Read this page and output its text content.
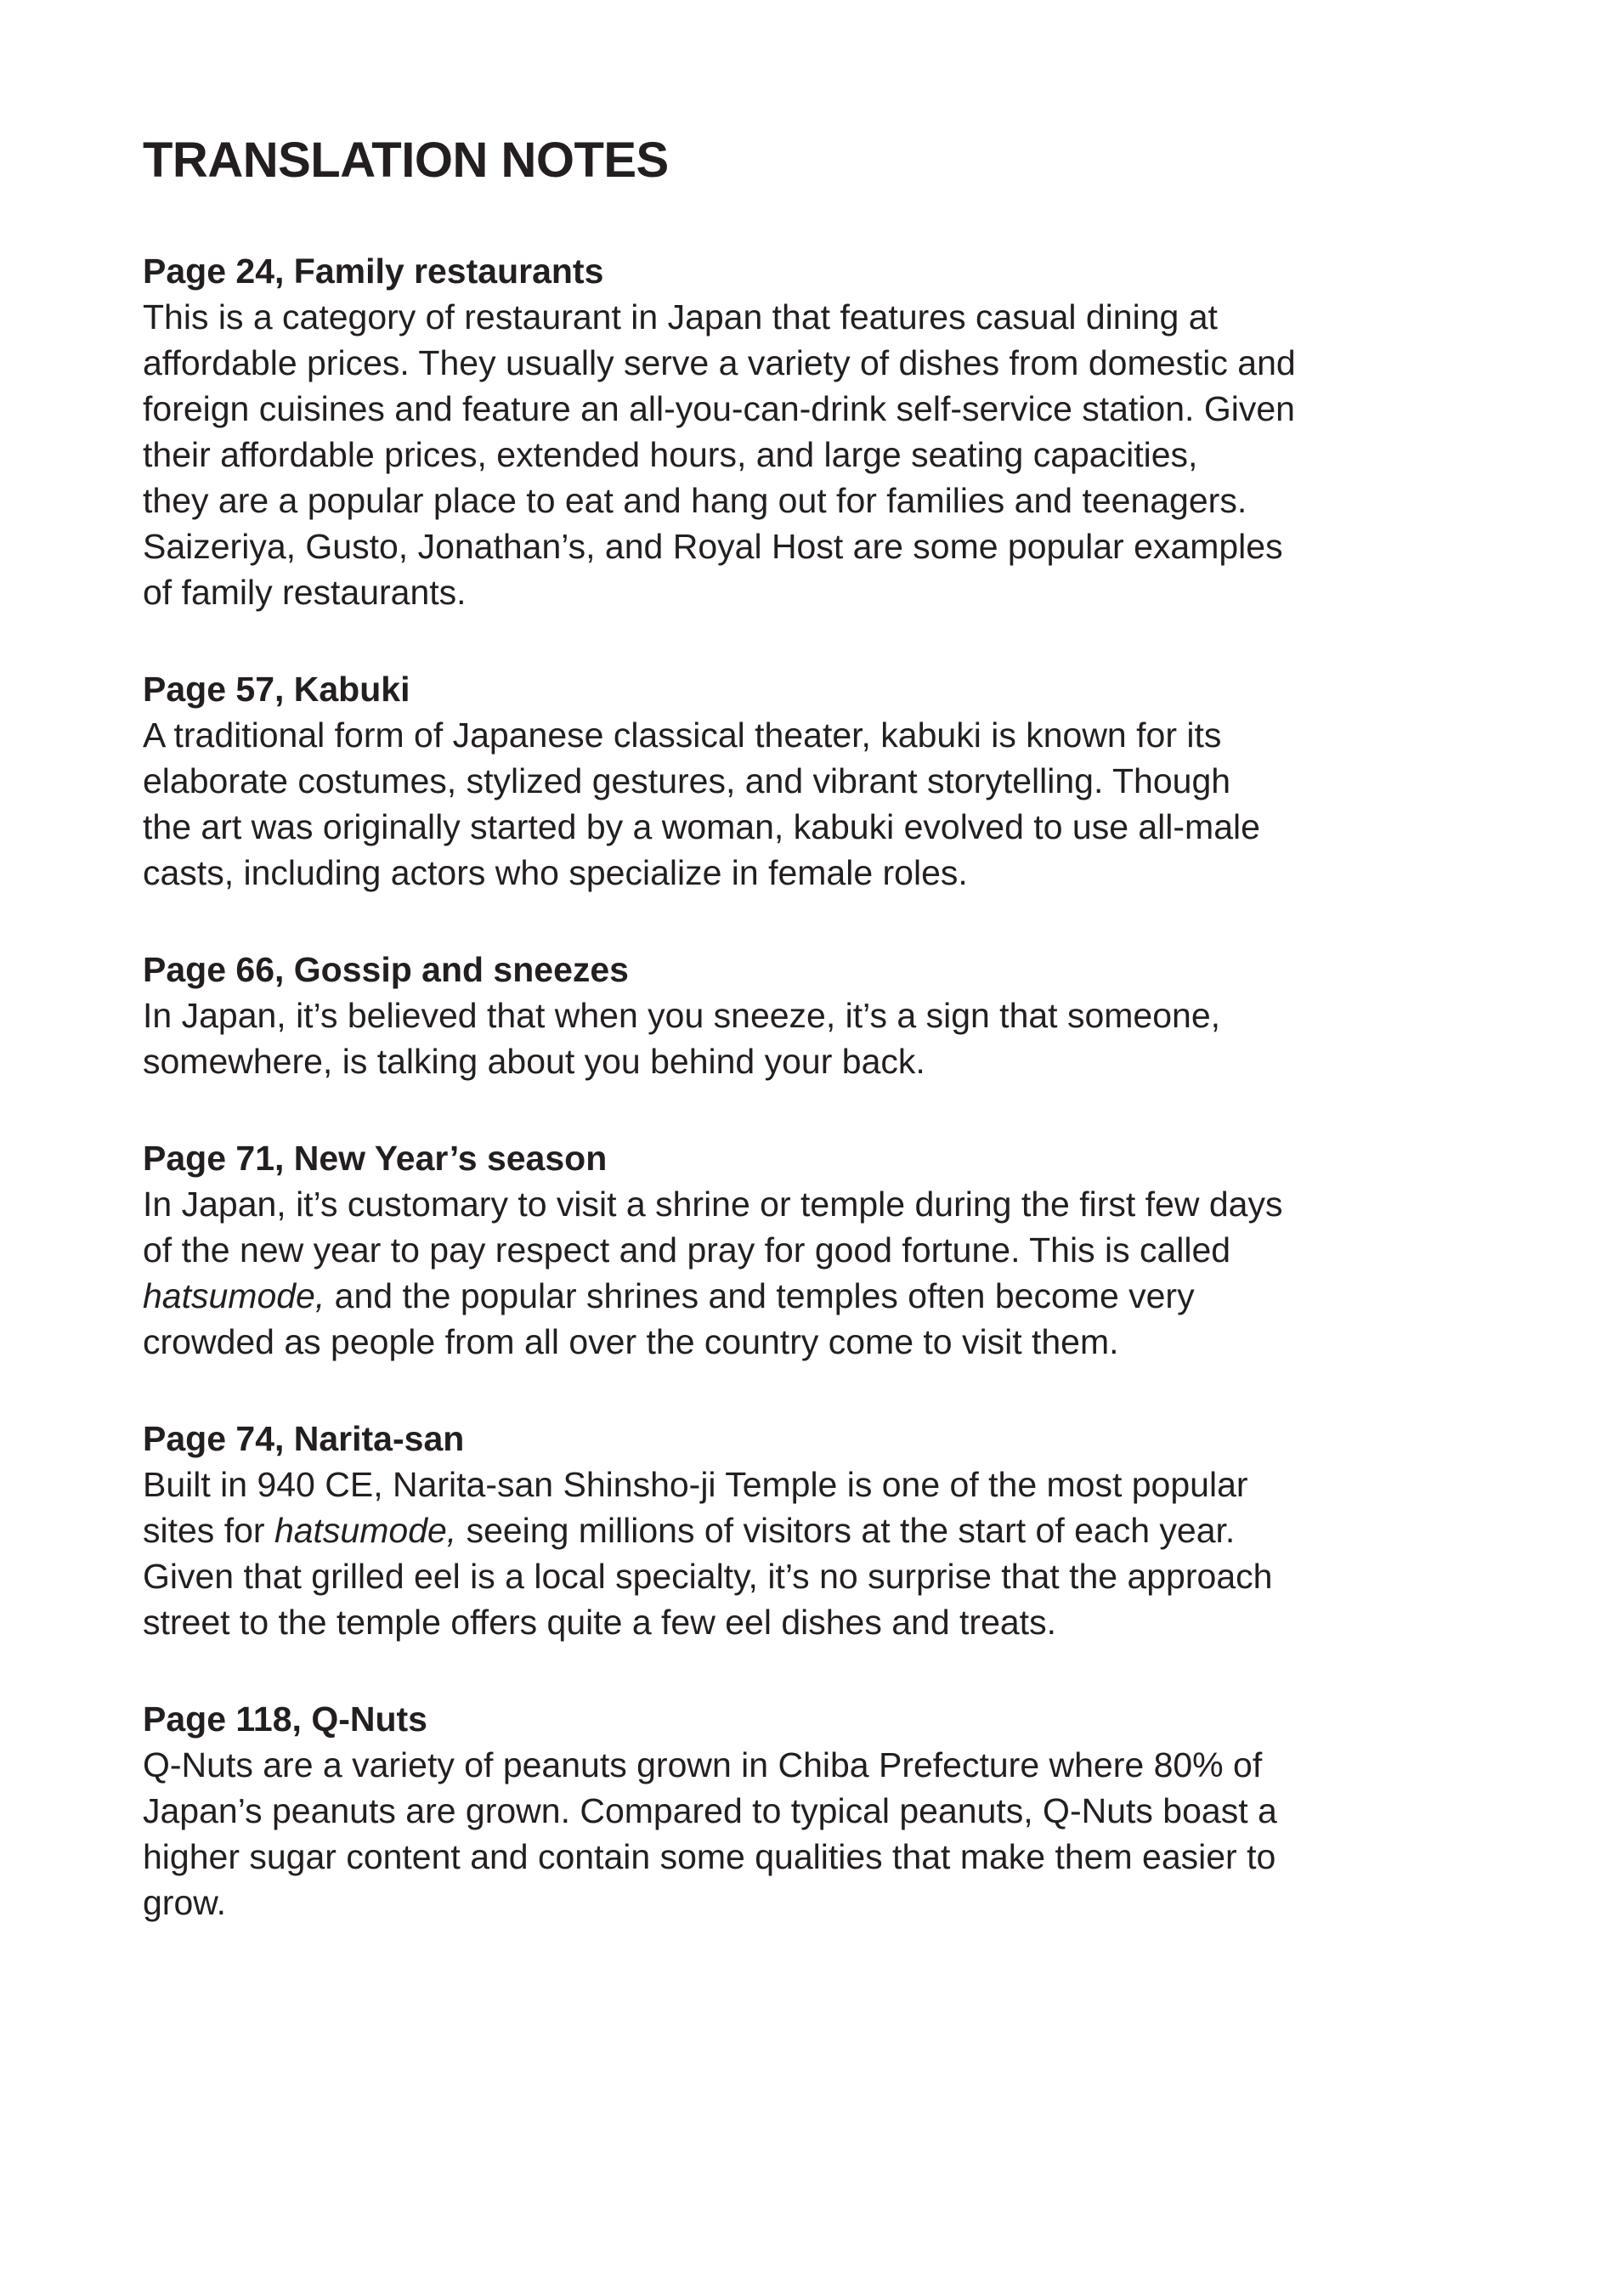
TRANSLATION NOTES
Page 24, Family restaurants
This is a category of restaurant in Japan that features casual dining at
affordable prices. They usually serve a variety of dishes from domestic and
foreign cuisines and feature an all-you-can-drink self-service station. Given
their affordable prices, extended hours, and large seating capacities,
they are a popular place to eat and hang out for families and teenagers.
Saizeriya, Gusto, Jonathan’s, and Royal Host are some popular examples
of family restaurants.
Page 57, Kabuki
A traditional form of Japanese classical theater, kabuki is known for its
elaborate costumes, stylized gestures, and vibrant storytelling. Though
the art was originally started by a woman, kabuki evolved to use all-male
casts, including actors who specialize in female roles.
Page 66, Gossip and sneezes
In Japan, it’s believed that when you sneeze, it’s a sign that someone,
somewhere, is talking about you behind your back.
Page 71, New Year’s season
In Japan, it’s customary to visit a shrine or temple during the first few days
of the new year to pay respect and pray for good fortune. This is called
hatsumode, and the popular shrines and temples often become very
crowded as people from all over the country come to visit them.
Page 74, Narita-san
Built in 940 CE, Narita-san Shinsho-ji Temple is one of the most popular
sites for hatsumode, seeing millions of visitors at the start of each year.
Given that grilled eel is a local specialty, it’s no surprise that the approach
street to the temple offers quite a few eel dishes and treats.
Page 118, Q-Nuts
Q-Nuts are a variety of peanuts grown in Chiba Prefecture where 80% of
Japan’s peanuts are grown. Compared to typical peanuts, Q-Nuts boast a
higher sugar content and contain some qualities that make them easier to
grow.
